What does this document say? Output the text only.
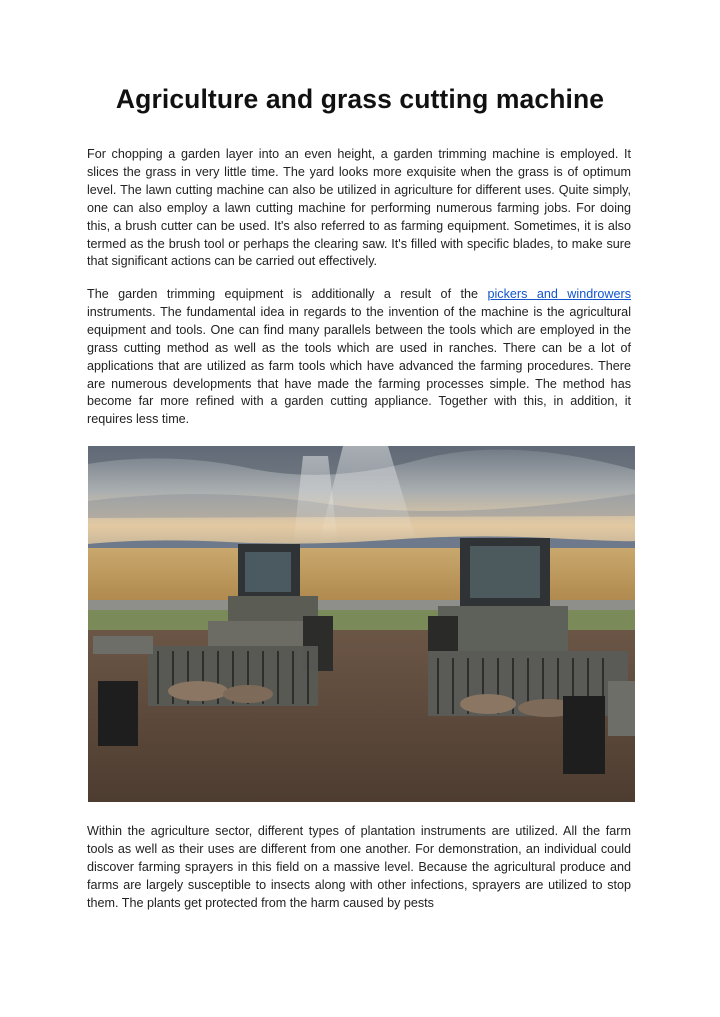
Agriculture and grass cutting machine

For chopping a garden layer into an even height, a garden trimming machine is employed. It slices the grass in very little time. The yard looks more exquisite when the grass is of optimum level. The lawn cutting machine can also be utilized in agriculture for different uses. Quite simply, one can also employ a lawn cutting machine for performing numerous farming jobs. For doing this, a brush cutter can be used. It's also referred to as farming equipment. Sometimes, it is also termed as the brush tool or perhaps the clearing saw. It's filled with specific blades, to make sure that significant actions can be carried out effectively.

The garden trimming equipment is additionally a result of the pickers and windrowers instruments. The fundamental idea in regards to the invention of the machine is the agricultural equipment and tools. One can find many parallels between the tools which are employed in the grass cutting method as well as the tools which are used in ranches. There can be a lot of applications that are utilized as farm tools which have advanced the farming procedures. There are numerous developments that have made the farming processes simple. The method has become far more refined with a garden cutting appliance. Together with this, in addition, it requires less time.

Within the agriculture sector, different types of plantation instruments are utilized. All the farm tools as well as their uses are different from one another. For demonstration, an individual could discover farming sprayers in this field on a massive level. Because the agricultural produce and farms are largely susceptible to insects along with other infections, sprayers are utilized to stop them. The plants get protected from the harm caused by pests
